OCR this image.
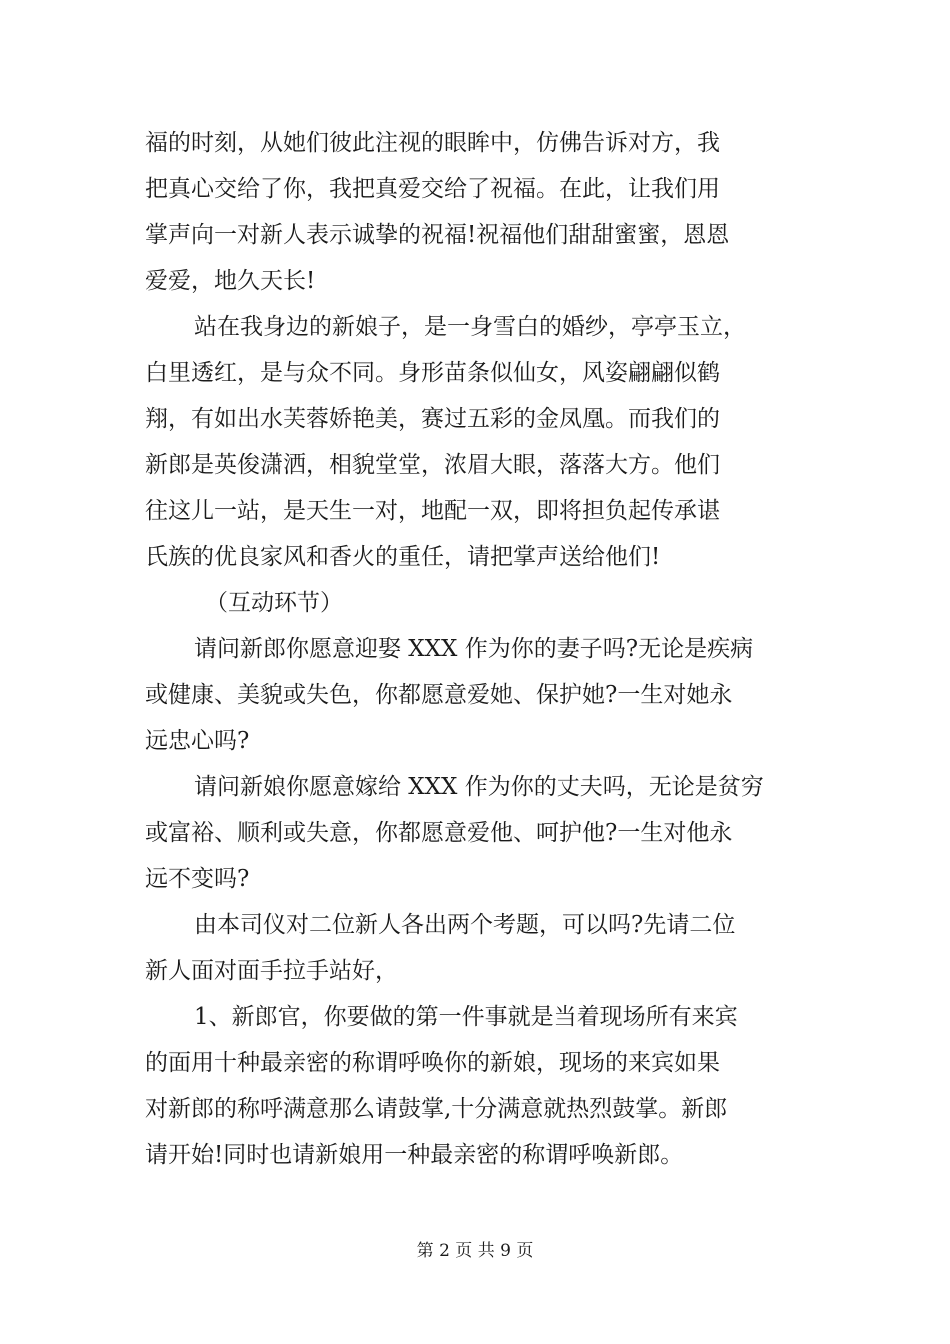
福的时刻，从她们彼此注视的眼眸中，仿佛告诉对方，我
把真心交给了你，我把真爱交给了祝福。在此，让我们用
掌声向一对新人表示诚挚的祝福!祝福他们甜甜蜜蜜，恩恩
爱爱，地久天长!
站在我身边的新娘子，是一身雪白的婚纱，亭亭玉立，
白里透红，是与众不同。身形苗条似仙女，风姿翩翩似鹤
翔，有如出水芙蓉娇艳美，赛过五彩的金凤凰。而我们的
新郎是英俊潇洒，相貌堂堂，浓眉大眼，落落大方。他们
往这儿一站，是天生一对，地配一双，即将担负起传承谌
氏族的优良家风和香火的重任，请把掌声送给他们!
（互动环节）
请问新郎你愿意迎娶 XXX 作为你的妻子吗?无论是疾病
或健康、美貌或失色，你都愿意爱她、保护她?一生对她永
远忠心吗?
请问新娘你愿意嫁给 XXX 作为你的丈夫吗，无论是贫穷
或富裕、顺利或失意，你都愿意爱他、呵护他?一生对他永
远不变吗?
由本司仪对二位新人各出两个考题，可以吗?先请二位
新人面对面手拉手站好，
1、新郎官，你要做的第一件事就是当着现场所有来宾
的面用十种最亲密的称谓呼唤你的新娘，现场的来宾如果
对新郎的称呼满意那么请鼓掌,十分满意就热烈鼓掌。新郎
请开始!同时也请新娘用一种最亲密的称谓呼唤新郎。
第 2 页 共 9 页
